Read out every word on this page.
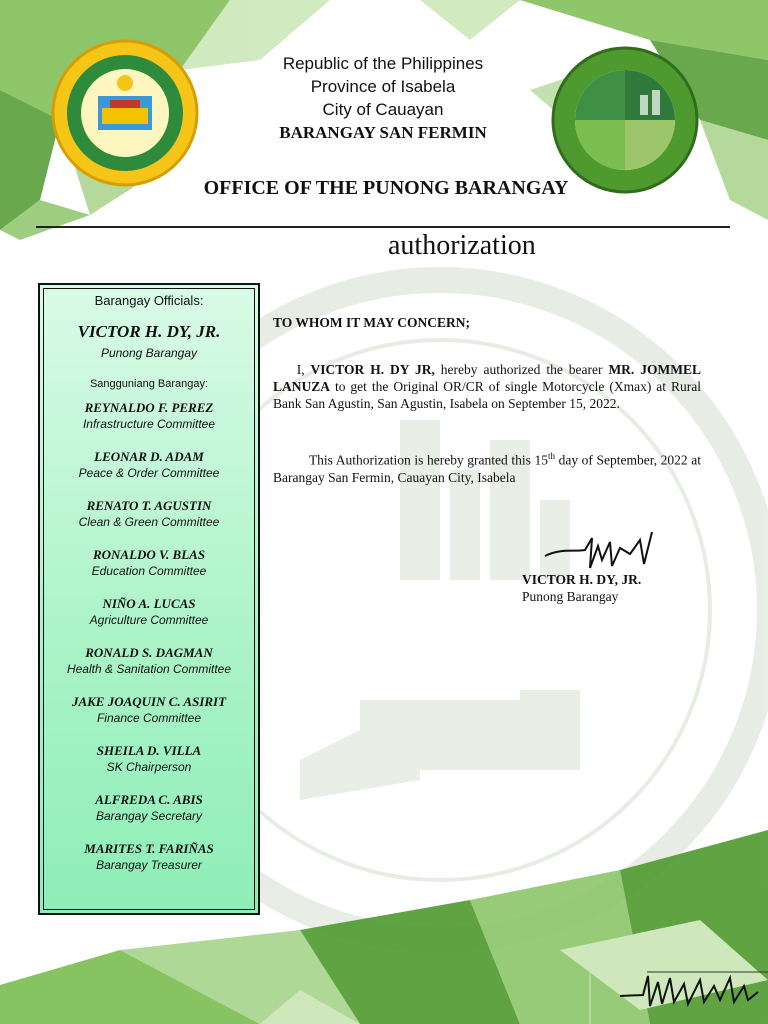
Republic of the Philippines
Province of Isabela
City of Cauayan
BARANGAY SAN FERMIN
OFFICE OF THE PUNONG BARANGAY
authorization
Barangay Officials:
VICTOR H. DY, JR.
Punong Barangay
Sangguniang Barangay:
REYNALDO F. PEREZ
Infrastructure Committee
LEONAR D. ADAM
Peace & Order Committee
RENATO T. AGUSTIN
Clean & Green Committee
RONALDO V. BLAS
Education Committee
NIÑO A. LUCAS
Agriculture Committee
RONALD S. DAGMAN
Health & Sanitation Committee
JAKE JOAQUIN C. ASIRIT
Finance Committee
SHEILA D. VILLA
SK Chairperson
ALFREDA C. ABIS
Barangay Secretary
MARITES T. FARIÑAS
Barangay Treasurer
TO WHOM IT MAY CONCERN;
I, VICTOR H. DY JR, hereby authorized the bearer MR. JOMMEL LANUZA to get the Original OR/CR of single Motorcycle (Xmax) at Rural Bank San Agustin, San Agustin, Isabela on September 15, 2022.
This Authorization is hereby granted this 15th day of September, 2022 at Barangay San Fermin, Cauayan City, Isabela
VICTOR H. DY, JR.
Punong Barangay
